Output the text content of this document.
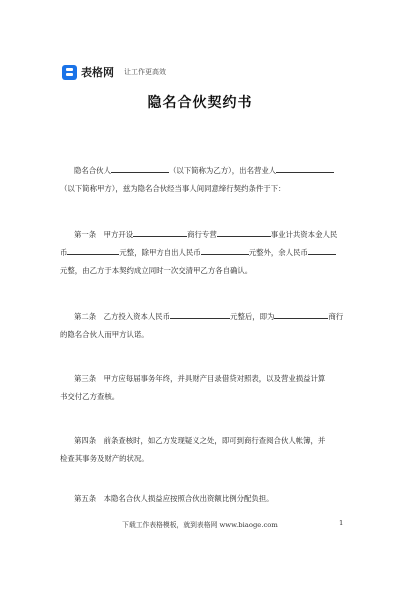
表格网 让工作更高效
隐名合伙契约书
隐名合伙人	（以下简称为乙方），出名营业人
（以下简称甲方），兹为隐名合伙经当事人间同意缔行契约条件于下：
第一条　甲方开设	商行专营	事业计共资本金人民
币	元整，除甲方自出人民币	元整外，余人民币
元整，由乙方于本契约成立同时一次交清甲乙方各自确认。
第二条　乙方投入资本人民币	元整后，即为	商行
的隐名合伙人而甲方认诺。
第三条　甲方应每届事务年终，并具财产目录借贷对照表，以及营业损益计算
书交付乙方查核。
第四条　前条查核时，如乙方发现疑义之处，即可到商行查阅合伙人帐簿，并
检查其事务及财产的状况。
第五条　本隐名合伙人损益应按照合伙出资额比例分配负担。
下载工作表格模板，就到表格网 www.biaoge.com	1
